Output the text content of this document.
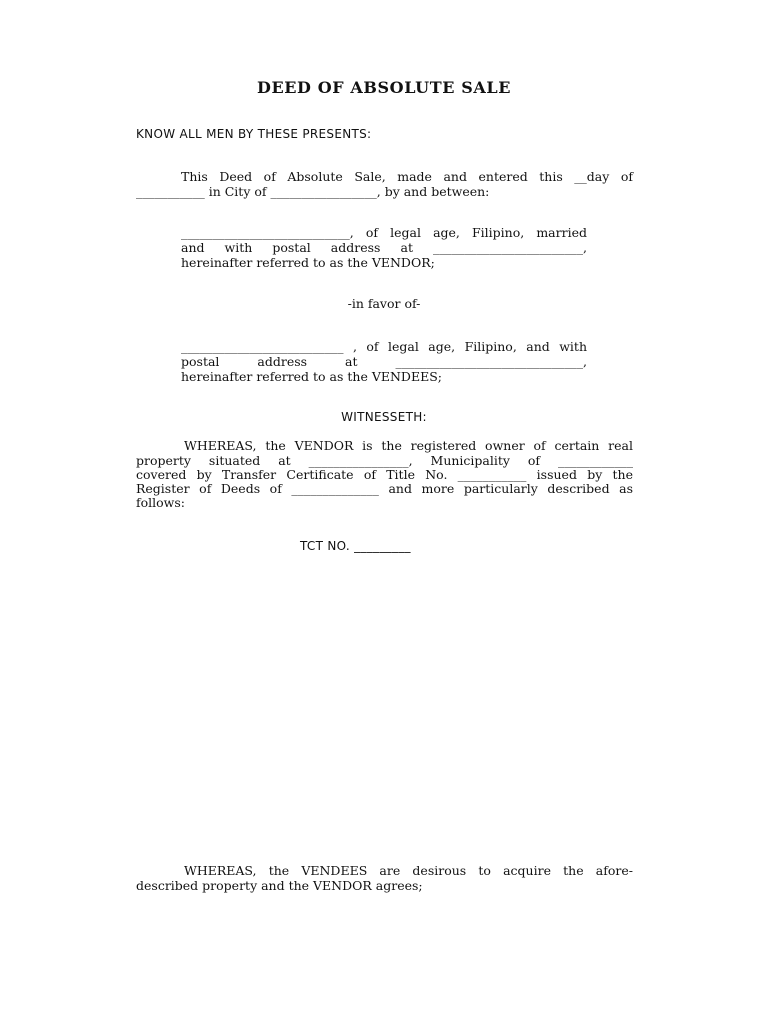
DEED OF ABSOLUTE SALE
KNOW ALL MEN BY THESE PRESENTS:
This Deed of Absolute Sale, made and entered this __day of
___________ in City of _________________, by and between:
___________________________, of legal age, Filipino, married
and with postal address at ________________________,
hereinafter referred to as the VENDOR;
-in favor of-
__________________________ , of legal age, Filipino, and with
postal address at ______________________________,
hereinafter referred to as the VENDEES;
WITNESSETH:
WHEREAS, the VENDOR is the registered owner of certain real
property situated at ________________, Municipality of ____________
covered by Transfer Certificate of Title No. ___________ issued by the
Register of Deeds of ______________ and more particularly described as
follows:
TCT NO. _________
WHEREAS, the VENDEES are desirous to acquire the afore-
described property and the VENDOR agrees;
